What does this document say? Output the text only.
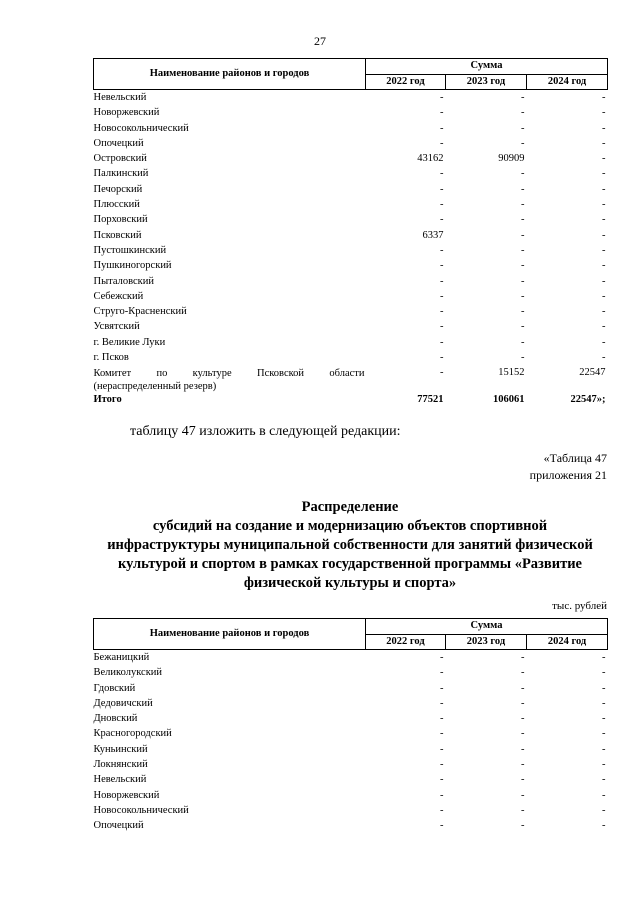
27
Наименование районов и городов	Сумма		
	2022 год	2023 год	2024 год
Невельский	-	-	-
Новоржевский	-	-	-
Новосокольнический	-	-	-
Опочецкий	-	-	-
Островский	43162	90909	-
Палкинский	-	-	-
Печорский	-	-	-
Плюсский	-	-	-
Порховский	-	-	-
Псковский	6337	-	-
Пустошкинский	-	-	-
Пушкиногорский	-	-	-
Пыталовский	-	-	-
Себежский	-	-	-
Струго-Красненский	-	-	-
Усвятский	-	-	-
г. Великие Луки	-	-	-
г. Псков	-	-	-

Комитет по культуре Псковской области
(нераспределенный резерв)	-	15152	22547
Итого	77521	106061	22547»;
таблицу 47 изложить в следующей редакции:
«Таблица 47
приложения 21
Распределение
субсидий на создание и модернизацию объектов спортивной
инфраструктуры муниципальной собственности для занятий физической
культурой и спортом в рамках государственной программы «Развитие
физической культуры и спорта»
тыс. рублей
Наименование районов и городов	Сумма		
	2022 год	2023 год	2024 год
Бежаницкий	-	-	-
Великолукский	-	-	-
Гдовский	-	-	-
Дедовичский	-	-	-
Дновский	-	-	-
Красногородский	-	-	-
Куньинский	-	-	-
Локнянский	-	-	-
Невельский	-	-	-
Новоржевский	-	-	-
Новосокольнический	-	-	-
Опочецкий	-	-	-
